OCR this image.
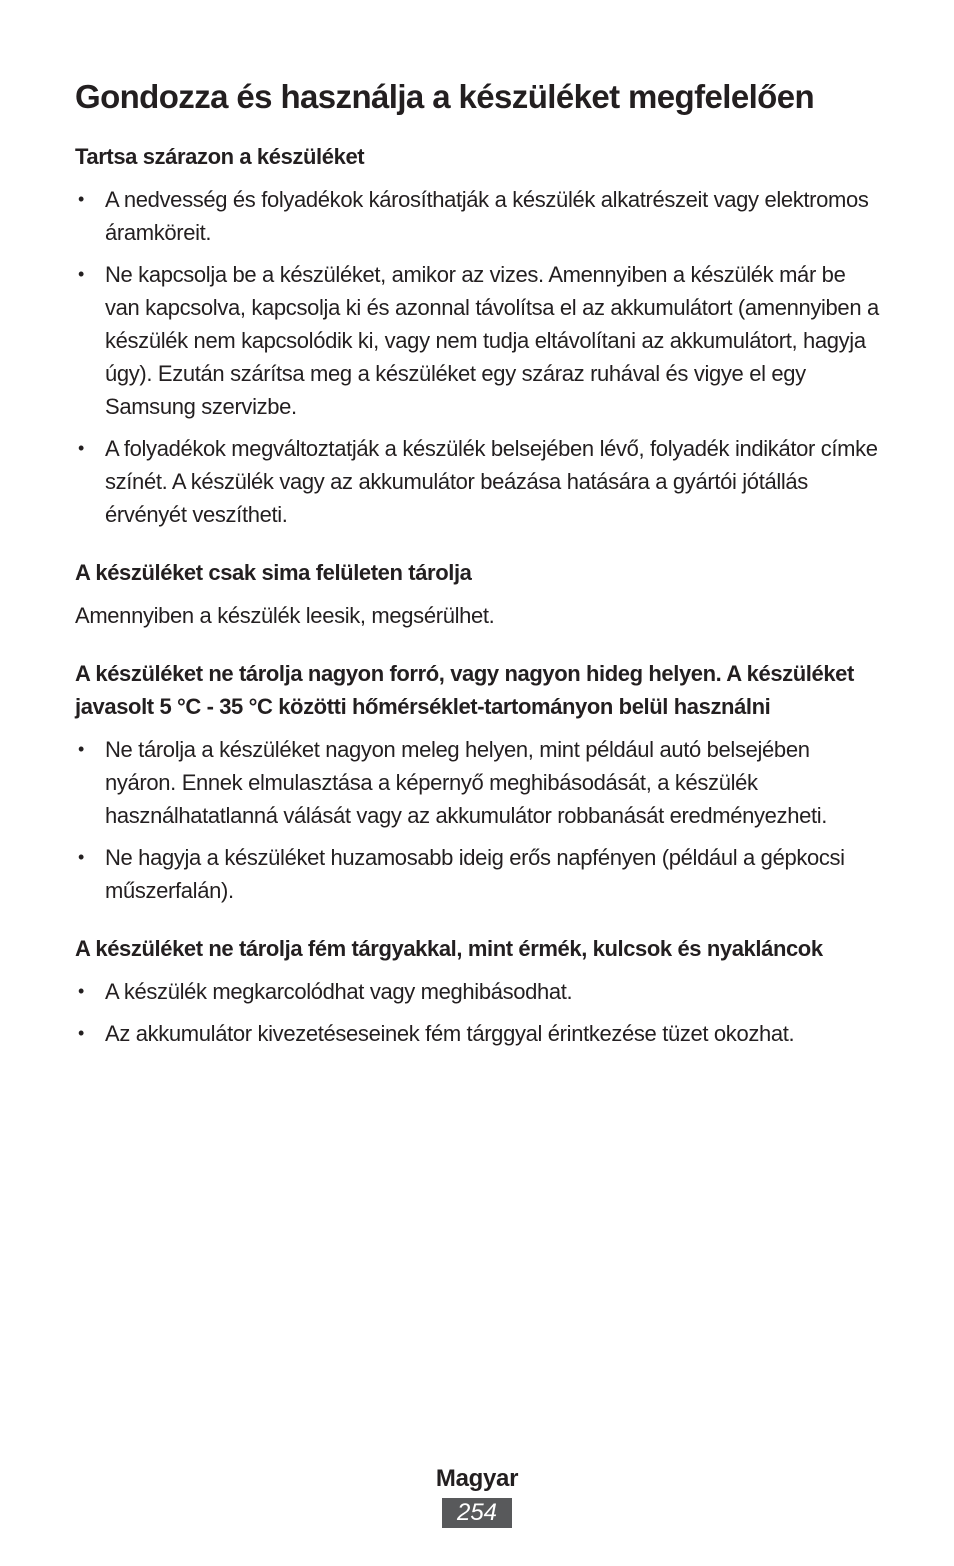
Gondozza és használja a készüléket megfelelően
Tartsa szárazon a készüléket
• A nedvesség és folyadékok károsíthatják a készülék alkatrészeit vagy elektromos áramköreit.
• Ne kapcsolja be a készüléket, amikor az vizes. Amennyiben a készülék már be van kapcsolva, kapcsolja ki és azonnal távolítsa el az akkumulátort (amennyiben a készülék nem kapcsolódik ki, vagy nem tudja eltávolítani az akkumulátort, hagyja úgy). Ezután szárítsa meg a készüléket egy száraz ruhával és vigye el egy Samsung szervizbe.
• A folyadékok megváltoztatják a készülék belsejében lévő, folyadék indikátor címke színét. A készülék vagy az akkumulátor beázása hatására a gyártói jótállás érvényét veszítheti.
A készüléket csak sima felületen tárolja

Amennyiben a készülék leesik, megsérülhet.

A készüléket ne tárolja nagyon forró, vagy nagyon hideg helyen. A készüléket javasolt 5 °C - 35 °C közötti hőmérséklet-tartományon belül használni
• Ne tárolja a készüléket nagyon meleg helyen, mint például autó belsejében nyáron. Ennek elmulasztása a képernyő meghibásodását, a készülék használhatatlanná válását vagy az akkumulátor robbanását eredményezheti.
• Ne hagyja a készüléket huzamosabb ideig erős napfényen (például a gépkocsi műszerfalán).
A készüléket ne tárolja fém tárgyakkal, mint érmék, kulcsok és nyakláncok
• A készülék megkarcolódhat vagy meghibásodhat.
• Az akkumulátor kivezetéseseinek fém tárggyal érintkezése tüzet okozhat.
Magyar
254
